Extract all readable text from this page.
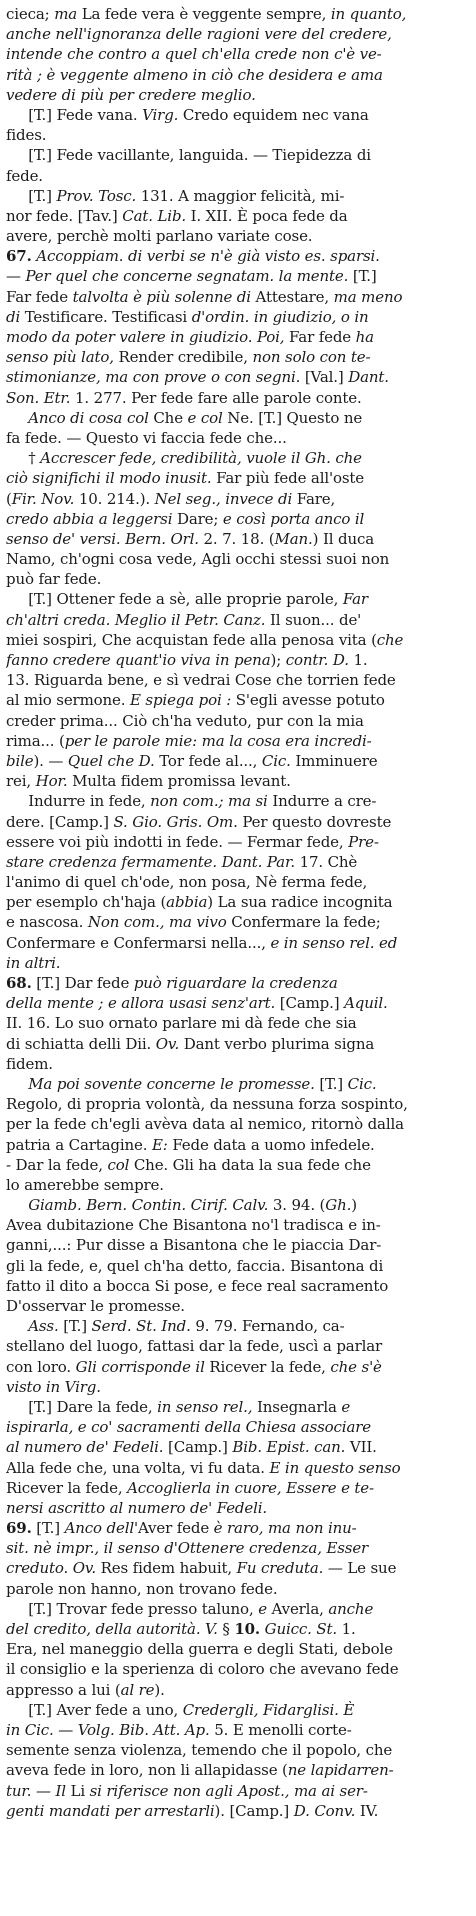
cieca; ma La fede vera è veggente sempre, in quanto,
anche nell'ignoranza delle ragioni vere del credere,
intende che contro a quel ch'ella crede non c'è ve-
rità ; è veggente almeno in ciò che desidera e ama
vedere di più per credere meglio.
  [T.] Fede vana. Virg. Credo equidem nec vana
fides.
  [T.] Fede vacillante, languida. — Tiepidezza di
fede.
  [T.] Prov. Tosc. 131. A maggior felicità, mi-
nor fede. [Tav.] Cat. Lib. I. XII. È poca fede da
avere, perchè molti parlano variate cose.
67. Accoppiam. di verbi se n'è già visto es. sparsi.
— Per quel che concerne segnatam. la mente. [T.]
Far fede talvolta è più solenne di Attestare, ma meno
di Testificare. Testificasi d'ordin. in giudizio, o in
modo da poter valere in giudizio. Poi, Far fede ha
senso più lato, Render credibile, non solo con te-
stimonianze, ma con prove o con segni. [Val.] Dant.
Son. Etr. 1. 277. Per fede fare alle parole conte.
  Anco di cosa col Che e col Ne. [T.] Questo ne
fa fede. — Questo vi faccia fede che...
  † Accrescer fede, credibilità, vuole il Gh. che
ciò significhi il modo inusit. Far più fede all'oste
(Fir. Nov. 10. 214.). Nel seg., invece di Fare,
credo abbia a leggersi Dare; e così porta anco il
senso de' versi. Bern. Orl. 2. 7. 18. (Man.) Il duca
Namo, ch'ogni cosa vede, Agli occhi stessi suoi non
può far fede.
  [T.] Ottener fede a sè, alle proprie parole, Far
ch'altri creda. Meglio il Petr. Canz. Il suon... de'
miei sospiri, Che acquistan fede alla penosa vita (che
fanno credere quant'io viva in pena); contr. D. 1.
13. Riguarda bene, e sì vedrai Cose che torrien fede
al mio sermone. E spiega poi : S'egli avesse potuto
creder prima... Ciò ch'ha veduto, pur con la mia
rima... (per le parole mie: ma la cosa era incredi-
bile). — Quel che D. Tor fede al..., Cic. Imminuere
rei, Hor. Multa fidem promissa levant.
  Indurre in fede, non com.; ma si Indurre a cre-
dere. [Camp.] S. Gio. Gris. Om. Per questo dovreste
essere voi più indotti in fede. — Fermar fede, Pre-
stare credenza fermamente. Dant. Par. 17. Chè
l'animo di quel ch'ode, non posa, Nè ferma fede,
per esemplo ch'haja (abbia) La sua radice incognita
e nascosa. Non com., ma vivo Confermare la fede;
Confermare e Confermarsi nella..., e in senso rel. ed
in altri.
68. [T.] Dar fede può riguardare la credenza
della mente ; e allora usasi senz'art. [Camp.] Aquil.
II. 16. Lo suo ornato parlare mi dà fede che sia
di schiatta delli Dii. Ov. Dant verbo plurima signa
fidem.
  Ma poi sovente concerne le promesse. [T.] Cic.
Regolo, di propria volontà, da nessuna forza sospinto,
per la fede ch'egli avèva data al nemico, ritornò dalla
patria a Cartagine. E: Fede data a uomo infedele.
- Dar la fede, col Che. Gli ha data la sua fede che
lo amerebbe sempre.
  Giamb. Bern. Contin. Cirif. Calv. 3. 94. (Gh.)
Avea dubitazione Che Bisantona no'l tradisca e in-
ganni,...: Pur disse a Bisantona che le piaccia Dar-
gli la fede, e, quel ch'ha detto, faccia. Bisantona di
fatto il dito a bocca Si pose, e fece real sacramento
D'osservar le promesse.
  Ass. [T.] Serd. St. Ind. 9. 79. Fernando, ca-
stellano del luogo, fattasi dar la fede, uscì a parlar
con loro. Gli corrisponde il Ricever la fede, che s'è
visto in Virg.
  [T.] Dare la fede, in senso rel., Insegnarla e
ispirarla, e co' sacramenti della Chiesa associare
al numero de' Fedeli. [Camp.] Bib. Epist. can. VII.
Alla fede che, una volta, vi fu data. E in questo senso
Ricever la fede, Accoglierla in cuore, Essere e te-
nersi ascritto al numero de' Fedeli.
69. [T.] Anco dell'Aver fede è raro, ma non inu-
sit. nè impr., il senso d'Ottenere credenza, Esser
creduto. Ov. Res fidem habuit, Fu creduta. — Le sue
parole non hanno, non trovano fede.
  [T.] Trovar fede presso taluno, e Averla, anche
del credito, della autorità. V. § 10. Guicc. St. 1.
Era, nel maneggio della guerra e degli Stati, debole
il consiglio e la sperienza di coloro che avevano fede
appresso a lui (al re).
  [T.] Aver fede a uno, Credergli, Fidarglisi. È
in Cic. — Volg. Bib. Att. Ap. 5. E menolli corte-
semente senza violenza, temendo che il popolo, che
aveva fede in loro, non li allapidasse (ne lapidarren-
tur. — Il Li si riferisce non agli Apost., ma ai ser-
genti mandati per arrestarli). [Camp.] D. Conv. IV.
